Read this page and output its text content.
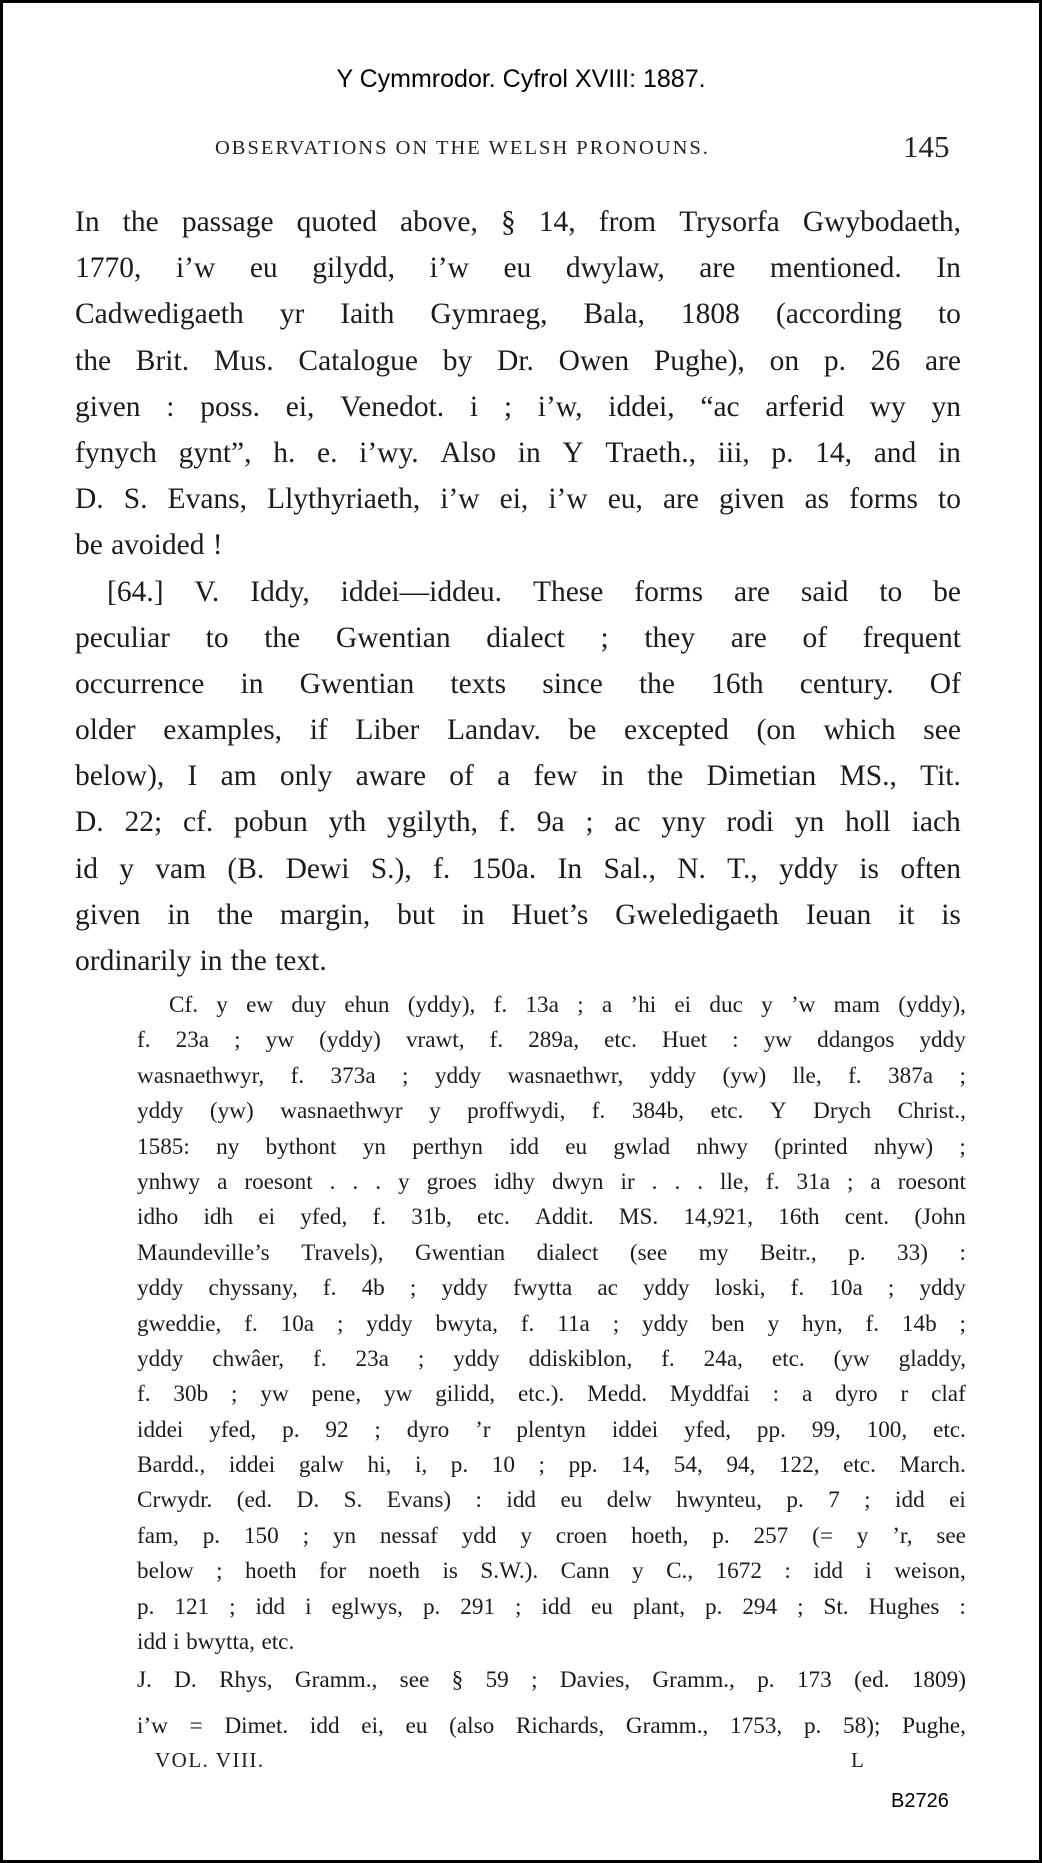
Y Cymmrodor. Cyfrol XVIII: 1887.
OBSERVATIONS ON THE WELSH PRONOUNS.	145
In the passage quoted above, § 14, from Trysorfa Gwybodaeth,
1770, i’w eu gilydd, i’w eu dwylaw, are mentioned. In
Cadwedigaeth yr Iaith Gymraeg, Bala, 1808 (according to
the Brit. Mus. Catalogue by Dr. Owen Pughe), on p. 26 are
given : poss. ei, Venedot. i ; i’w, iddei, “ac arferid wy yn
fynych gynt”, h. e. i’wy. Also in Y Traeth., iii, p. 14, and in
D. S. Evans, Llythyriaeth, i’w ei, i’w eu, are given as forms to
be avoided !
[64.] V. Iddy, iddei—iddeu. These forms are said to be
peculiar to the Gwentian dialect ; they are of frequent
occurrence in Gwentian texts since the 16th century. Of
older examples, if Liber Landav. be excepted (on which see
below), I am only aware of a few in the Dimetian MS., Tit.
D. 22; cf. pobun yth ygilyth, f. 9a ; ac yny rodi yn holl iach
id y vam (B. Dewi S.), f. 150a. In Sal., N. T., yddy is often
given in the margin, but in Huet’s Gweledigaeth Ieuan it is
ordinarily in the text.
Cf. y ew duy ehun (yddy), f. 13a ; a ’hi ei duc y ’w mam (yddy),
f. 23a ; yw (yddy) vrawt, f. 289a, etc. Huet : yw ddangos yddy
wasnaethwyr, f. 373a ; yddy wasnaethwr, yddy (yw) lle, f. 387a ;
yddy (yw) wasnaethwyr y proffwydi, f. 384b, etc. Y Drych Christ.,
1585: ny bythont yn perthyn idd eu gwlad nhwy (printed nhyw) ;
ynhwy a roesont . . . y groes idhy dwyn ir . . . lle, f. 31a ; a roesont
idho idh ei yfed, f. 31b, etc. Addit. MS. 14,921, 16th cent. (John
Maundeville’s Travels), Gwentian dialect (see my Beitr., p. 33) :
yddy chyssany, f. 4b ; yddy fwytta ac yddy loski, f. 10a ; yddy
gweddie, f. 10a ; yddy bwyta, f. 11a ; yddy ben y hyn, f. 14b ;
yddy chwâer, f. 23a ; yddy ddiskiblon, f. 24a, etc. (yw gladdy,
f. 30b ; yw pene, yw gilidd, etc.). Medd. Myddfai : a dyro r claf
iddei yfed, p. 92 ; dyro ’r plentyn iddei yfed, pp. 99, 100, etc.
Bardd., iddei galw hi, i, p. 10 ; pp. 14, 54, 94, 122, etc. March.
Crwydr. (ed. D. S. Evans) : idd eu delw hwynteu, p. 7 ; idd ei
fam, p. 150 ; yn nessaf ydd y croen hoeth, p. 257 (= y ’r, see
below ; hoeth for noeth is S.W.). Cann y C., 1672 : idd i weison,
p. 121 ; idd i eglwys, p. 291 ; idd eu plant, p. 294 ; St. Hughes :
idd i bwytta, etc.
J. D. Rhys, Gramm., see § 59 ; Davies, Gramm., p. 173 (ed. 1809)
i’w = Dimet. idd ei, eu (also Richards, Gramm., 1753, p. 58); Pughe,
VOL. VIII.	L
B2726
